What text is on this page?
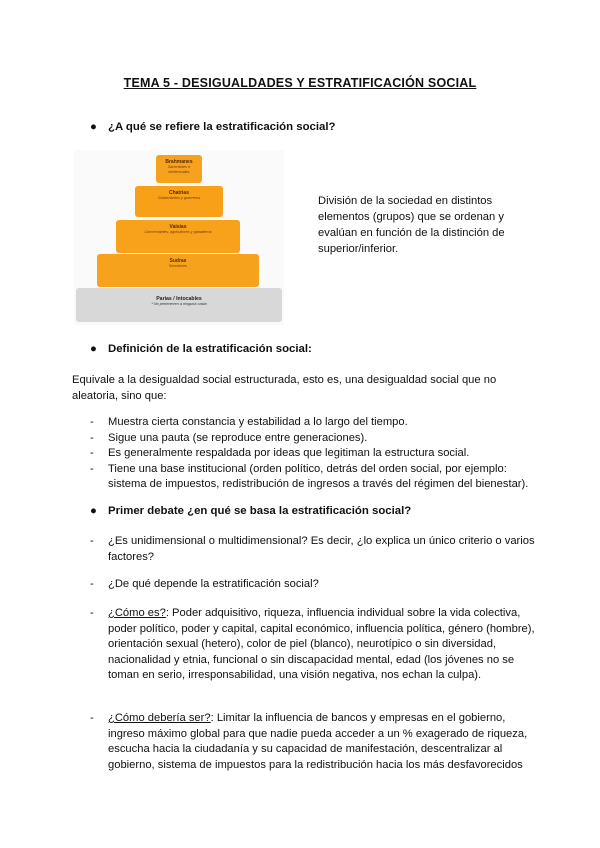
TEMA 5 - DESIGUALDADES Y ESTRATIFICACIÓN SOCIAL
● ¿A qué se refiere la estratificación social?
Brahmanes
Sacerdotes e intelectuales
Chatrias
Gobernantes y guerreros
Vaisias
Comerciantes, agricultores y ganaderos
Sudras
Servidores
Parias / Intocables
* No pertenecen a ninguna casta
División de la sociedad en distintos elementos (grupos) que se ordenan y evalúan en función de la distinción de superior/inferior.
● Definición de la estratificación social:
Equivale a la desigualdad social estructurada, esto es, una desigualdad social que no aleatoria, sino que:
- Muestra cierta constancia y estabilidad a lo largo del tiempo.
- Sigue una pauta (se reproduce entre generaciones).
- Es generalmente respaldada por ideas que legitiman la estructura social.
- Tiene una base institucional (orden político, detrás del orden social, por ejemplo: sistema de impuestos, redistribución de ingresos a través del régimen del bienestar).
● Primer debate ¿en qué se basa la estratificación social?
- ¿Es unidimensional o multidimensional? Es decir, ¿lo explica un único criterio o varios factores?
- ¿De qué depende la estratificación social?
- ¿Cómo es?: Poder adquisitivo, riqueza, influencia individual sobre la vida colectiva, poder político, poder y capital, capital económico, influencia política, género (hombre), orientación sexual (hetero), color de piel (blanco), neurotípico o sin diversidad, nacionalidad y etnia, funcional o sin discapacidad mental, edad (los jóvenes no se toman en serio, irresponsabilidad, una visión negativa, nos echan la culpa).
- ¿Cómo debería ser?: Limitar la influencia de bancos y empresas en el gobierno, ingreso máximo global para que nadie pueda acceder a un % exagerado de riqueza, escucha hacia la ciudadanía y su capacidad de manifestación, descentralizar al gobierno, sistema de impuestos para la redistribución hacia los más desfavorecidos
